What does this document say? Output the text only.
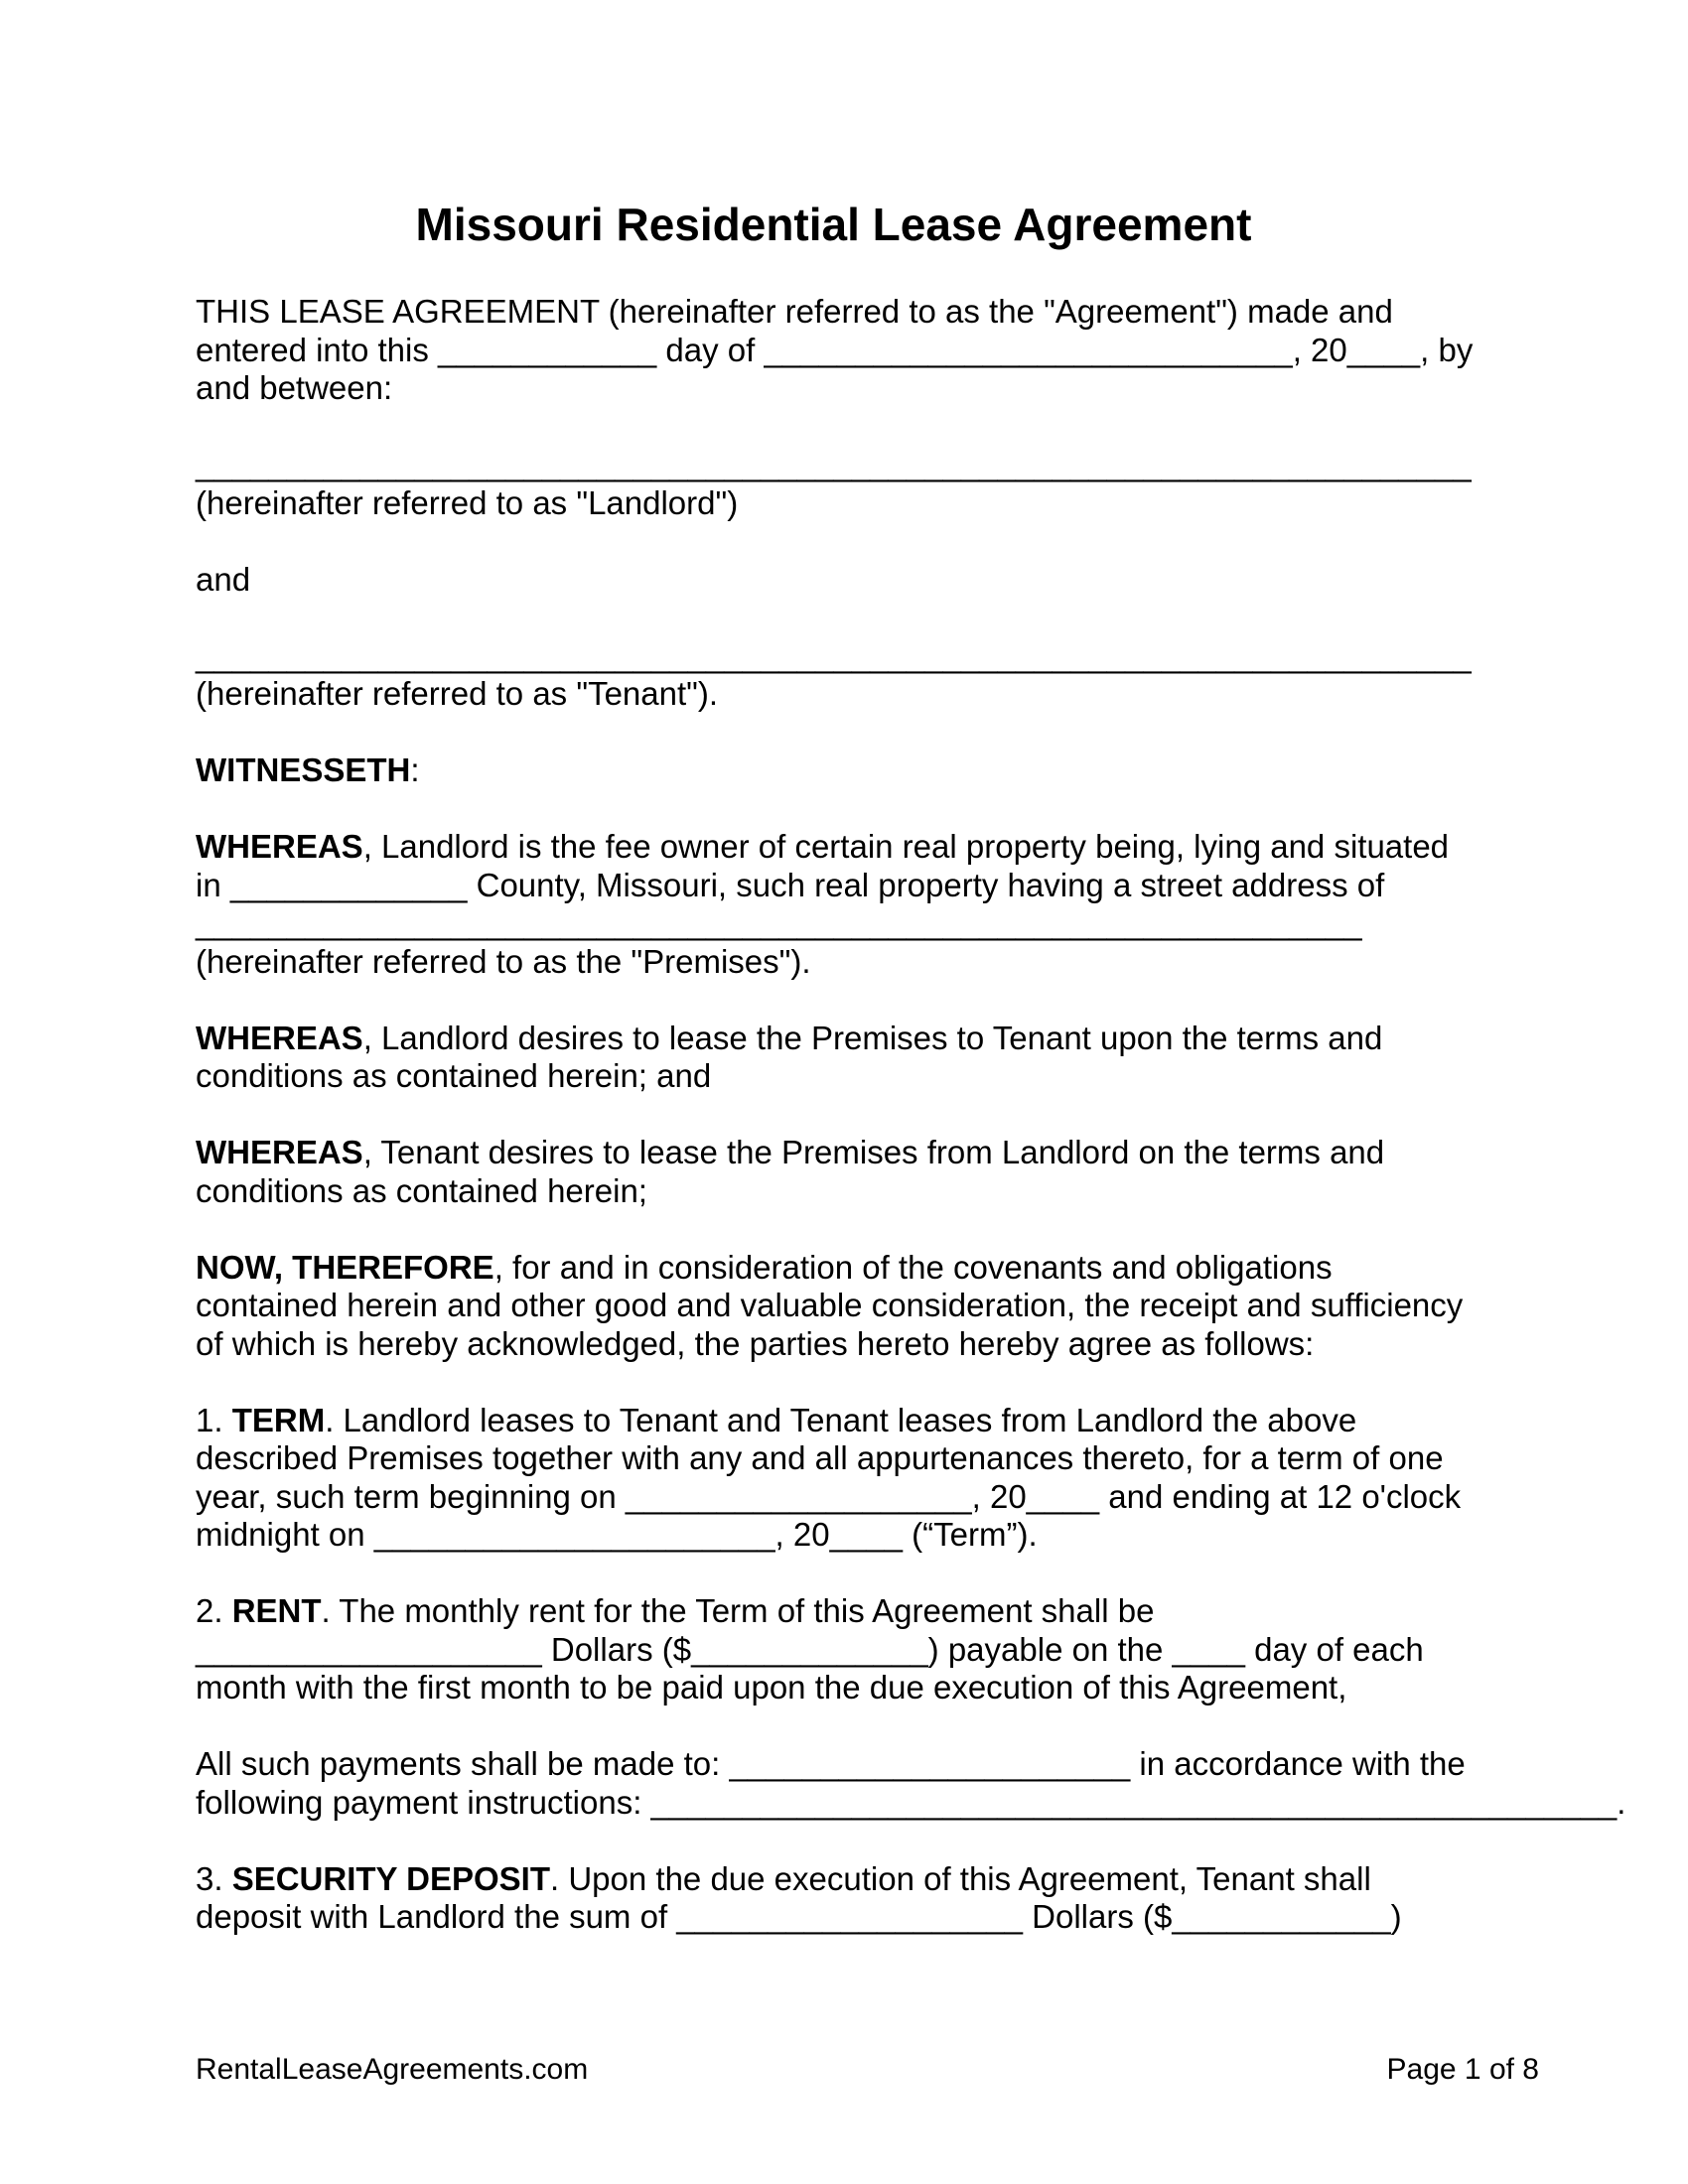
Missouri Residential Lease Agreement
THIS LEASE AGREEMENT (hereinafter referred to as the "Agreement") made and
entered into this ____________ day of _____________________________, 20____, by
and between:
______________________________________________________________________
(hereinafter referred to as "Landlord")
and
______________________________________________________________________
(hereinafter referred to as "Tenant").
WITNESSETH:
WHEREAS, Landlord is the fee owner of certain real property being, lying and situated
in _____________ County, Missouri, such real property having a street address of
________________________________________________________________
(hereinafter referred to as the "Premises").
WHEREAS, Landlord desires to lease the Premises to Tenant upon the terms and
conditions as contained herein; and
WHEREAS, Tenant desires to lease the Premises from Landlord on the terms and
conditions as contained herein;
NOW, THEREFORE, for and in consideration of the covenants and obligations
contained herein and other good and valuable consideration, the receipt and sufficiency
of which is hereby acknowledged, the parties hereto hereby agree as follows:
1. TERM. Landlord leases to Tenant and Tenant leases from Landlord the above
described Premises together with any and all appurtenances thereto, for a term of one
year, such term beginning on ___________________, 20____ and ending at 12 o'clock
midnight on ______________________, 20____ (“Term”).
2. RENT. The monthly rent for the Term of this Agreement shall be
___________________ Dollars ($_____________) payable on the ____ day of each
month with the first month to be paid upon the due execution of this Agreement,
All such payments shall be made to: ______________________ in accordance with the
following payment instructions: _____________________________________________________.
3. SECURITY DEPOSIT. Upon the due execution of this Agreement, Tenant shall
deposit with Landlord the sum of ___________________ Dollars ($____________)
RentalLeaseAgreements.com	Page 1 of 8
